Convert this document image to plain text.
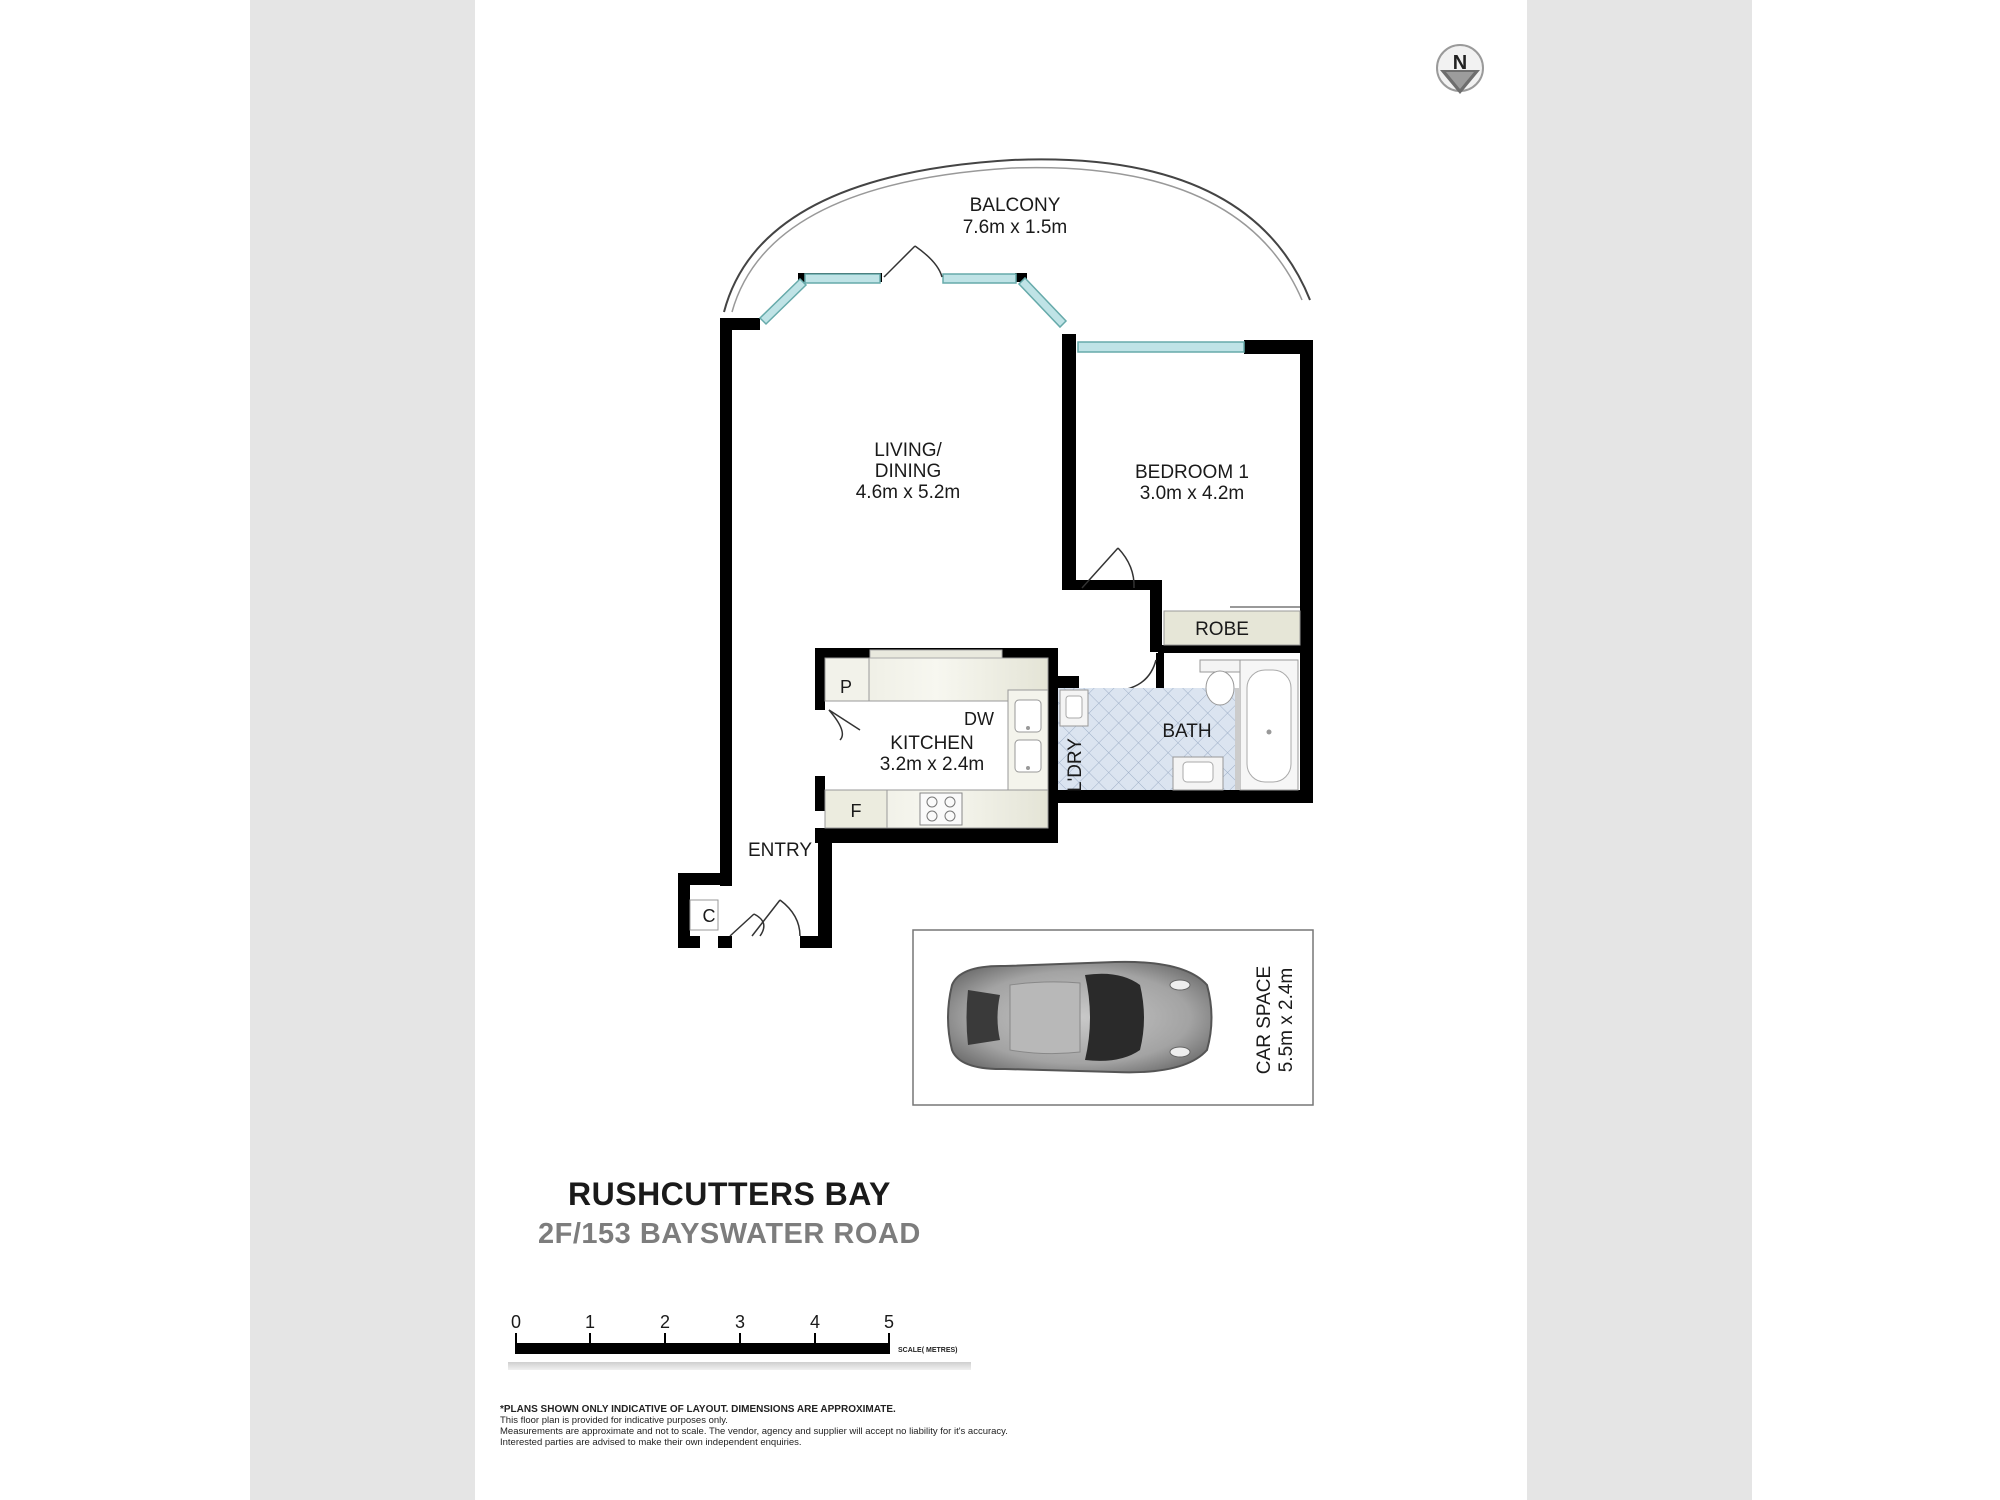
N
BALCONY
7.6m x 1.5m
P
F
DW
BATH
L'DRY
ROBE
C
LIVING/
DINING
4.6m x 5.2m
BEDROOM 1
3.0m x 4.2m
KITCHEN
3.2m x 2.4m
ENTRY
CAR SPACE 5.5m x 2.4m
0	1	2	3	4	5
SCALE( METRES)
RUSHCUTTERS BAY
2F/153 BAYSWATER ROAD
*PLANS SHOWN ONLY INDICATIVE OF LAYOUT. DIMENSIONS ARE APPROXIMATE.
This floor plan is provided for indicative purposes only.
Measurements are approximate and not to scale. The vendor, agency and supplier will accept no liability for it's accuracy.
Interested parties are advised to make their own independent enquiries.
